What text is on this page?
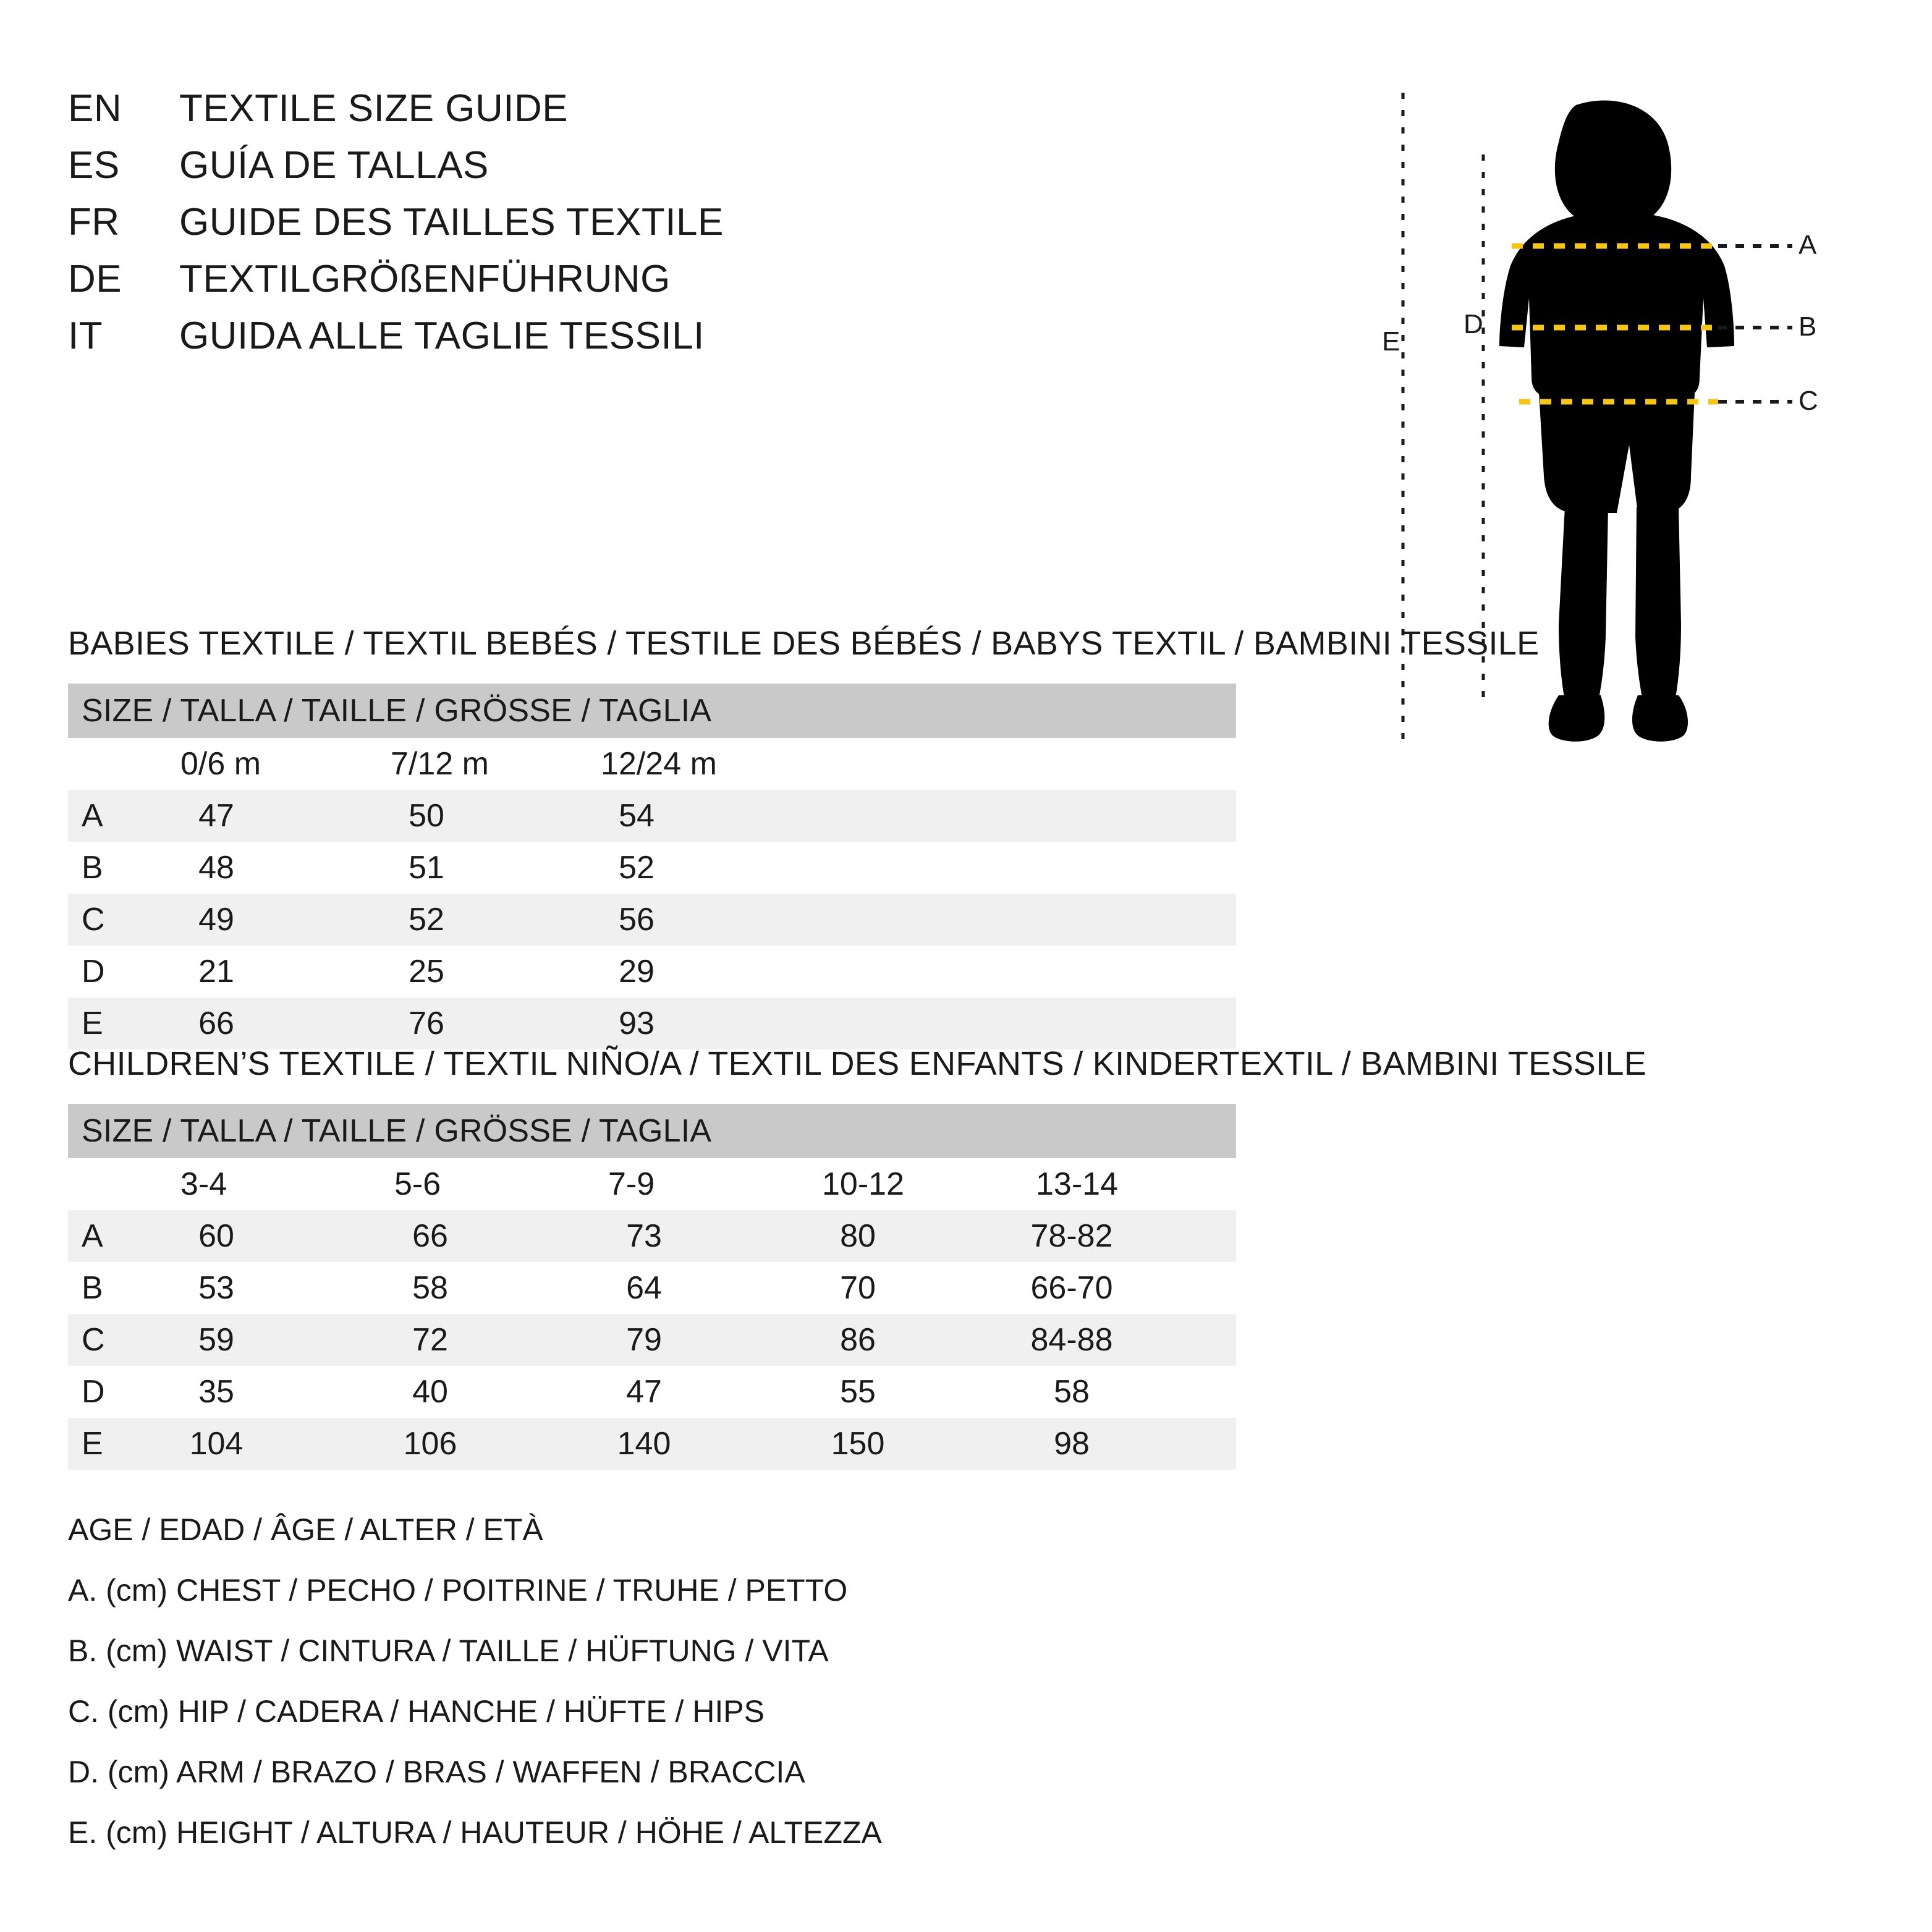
EN	TEXTILE SIZE GUIDE
ES	GUÍA DE TALLAS
FR	GUIDE DES TAILLES TEXTILE
DE	TEXTILGRÖßENFÜHRUNG
IT	GUIDA ALLE TAGLIE TESSILI
A
B
C
D
E
BABIES TEXTILE / TEXTIL BEBÉS / TESTILE DES BÉBÉS / BABYS TEXTIL / BAMBINI TESSILE
SIZE / TALLA / TAILLE / GRÖSSE / TAGLIA				
	0/6 m	7/12 m	12/24 m	
A	47	50	54	
B	48	51	52	
C	49	52	56	
D	21	25	29	
E	66	76	93	
CHILDREN’S TEXTILE / TEXTIL NIÑO/A / TEXTIL DES ENFANTS / KINDERTEXTIL / BAMBINI TESSILE
SIZE / TALLA / TAILLE / GRÖSSE / TAGLIA					
	3-4	5-6	7-9	10-12	13-14
A	60	66	73	80	78-82
B	53	58	64	70	66-70
C	59	72	79	86	84-88
D	35	40	47	55	58
E	104	106	140	150	98
AGE / EDAD / ÂGE / ALTER / ETÀ
A. (cm) CHEST / PECHO / POITRINE / TRUHE / PETTO
B. (cm) WAIST / CINTURA / TAILLE / HÜFTUNG / VITA
C. (cm) HIP / CADERA / HANCHE / HÜFTE / HIPS
D. (cm) ARM / BRAZO / BRAS / WAFFEN / BRACCIA
E. (cm) HEIGHT / ALTURA / HAUTEUR / HÖHE / ALTEZZA
